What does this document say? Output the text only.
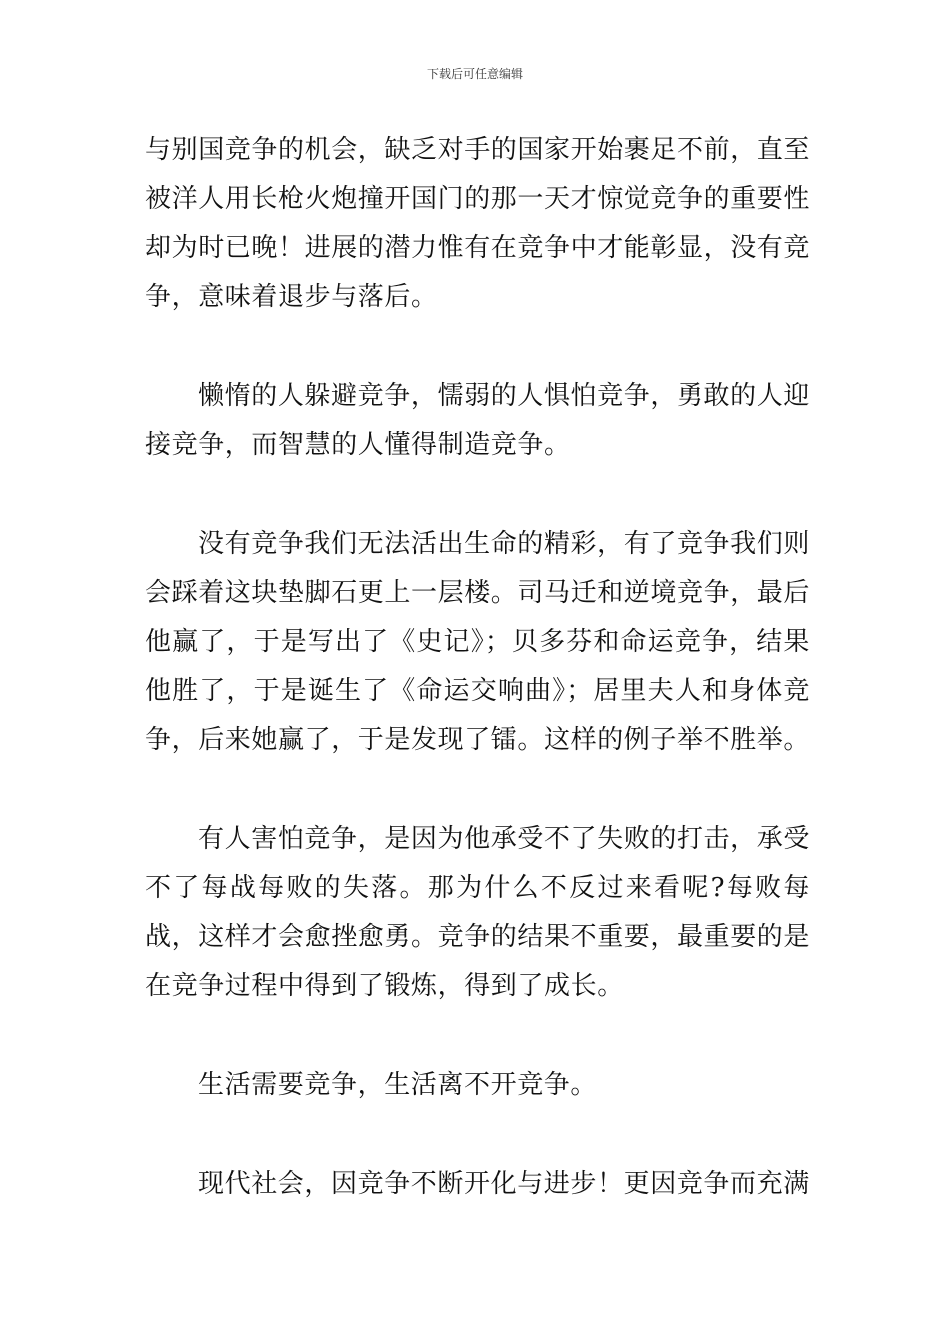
下载后可任意编辑

与别国竞争的机会，缺乏对手的国家开始裹足不前，直至被洋人用长枪火炮撞开国门的那一天才惊觉竞争的重要性却为时已晚！进展的潜力惟有在竞争中才能彰显，没有竞争，意味着退步与落后。

懒惰的人躲避竞争，懦弱的人惧怕竞争，勇敢的人迎接竞争，而智慧的人懂得制造竞争。

没有竞争我们无法活出生命的精彩，有了竞争我们则会踩着这块垫脚石更上一层楼。司马迁和逆境竞争，最后他赢了，于是写出了《史记》；贝多芬和命运竞争，结果他胜了，于是诞生了《命运交响曲》；居里夫人和身体竞争，后来她赢了，于是发现了镭。这样的例子举不胜举。

有人害怕竞争，是因为他承受不了失败的打击，承受不了每战每败的失落。那为什么不反过来看呢?每败每战，这样才会愈挫愈勇。竞争的结果不重要，最重要的是在竞争过程中得到了锻炼，得到了成长。

生活需要竞争，生活离不开竞争。

现代社会，因竞争不断开化与进步！更因竞争而充满
